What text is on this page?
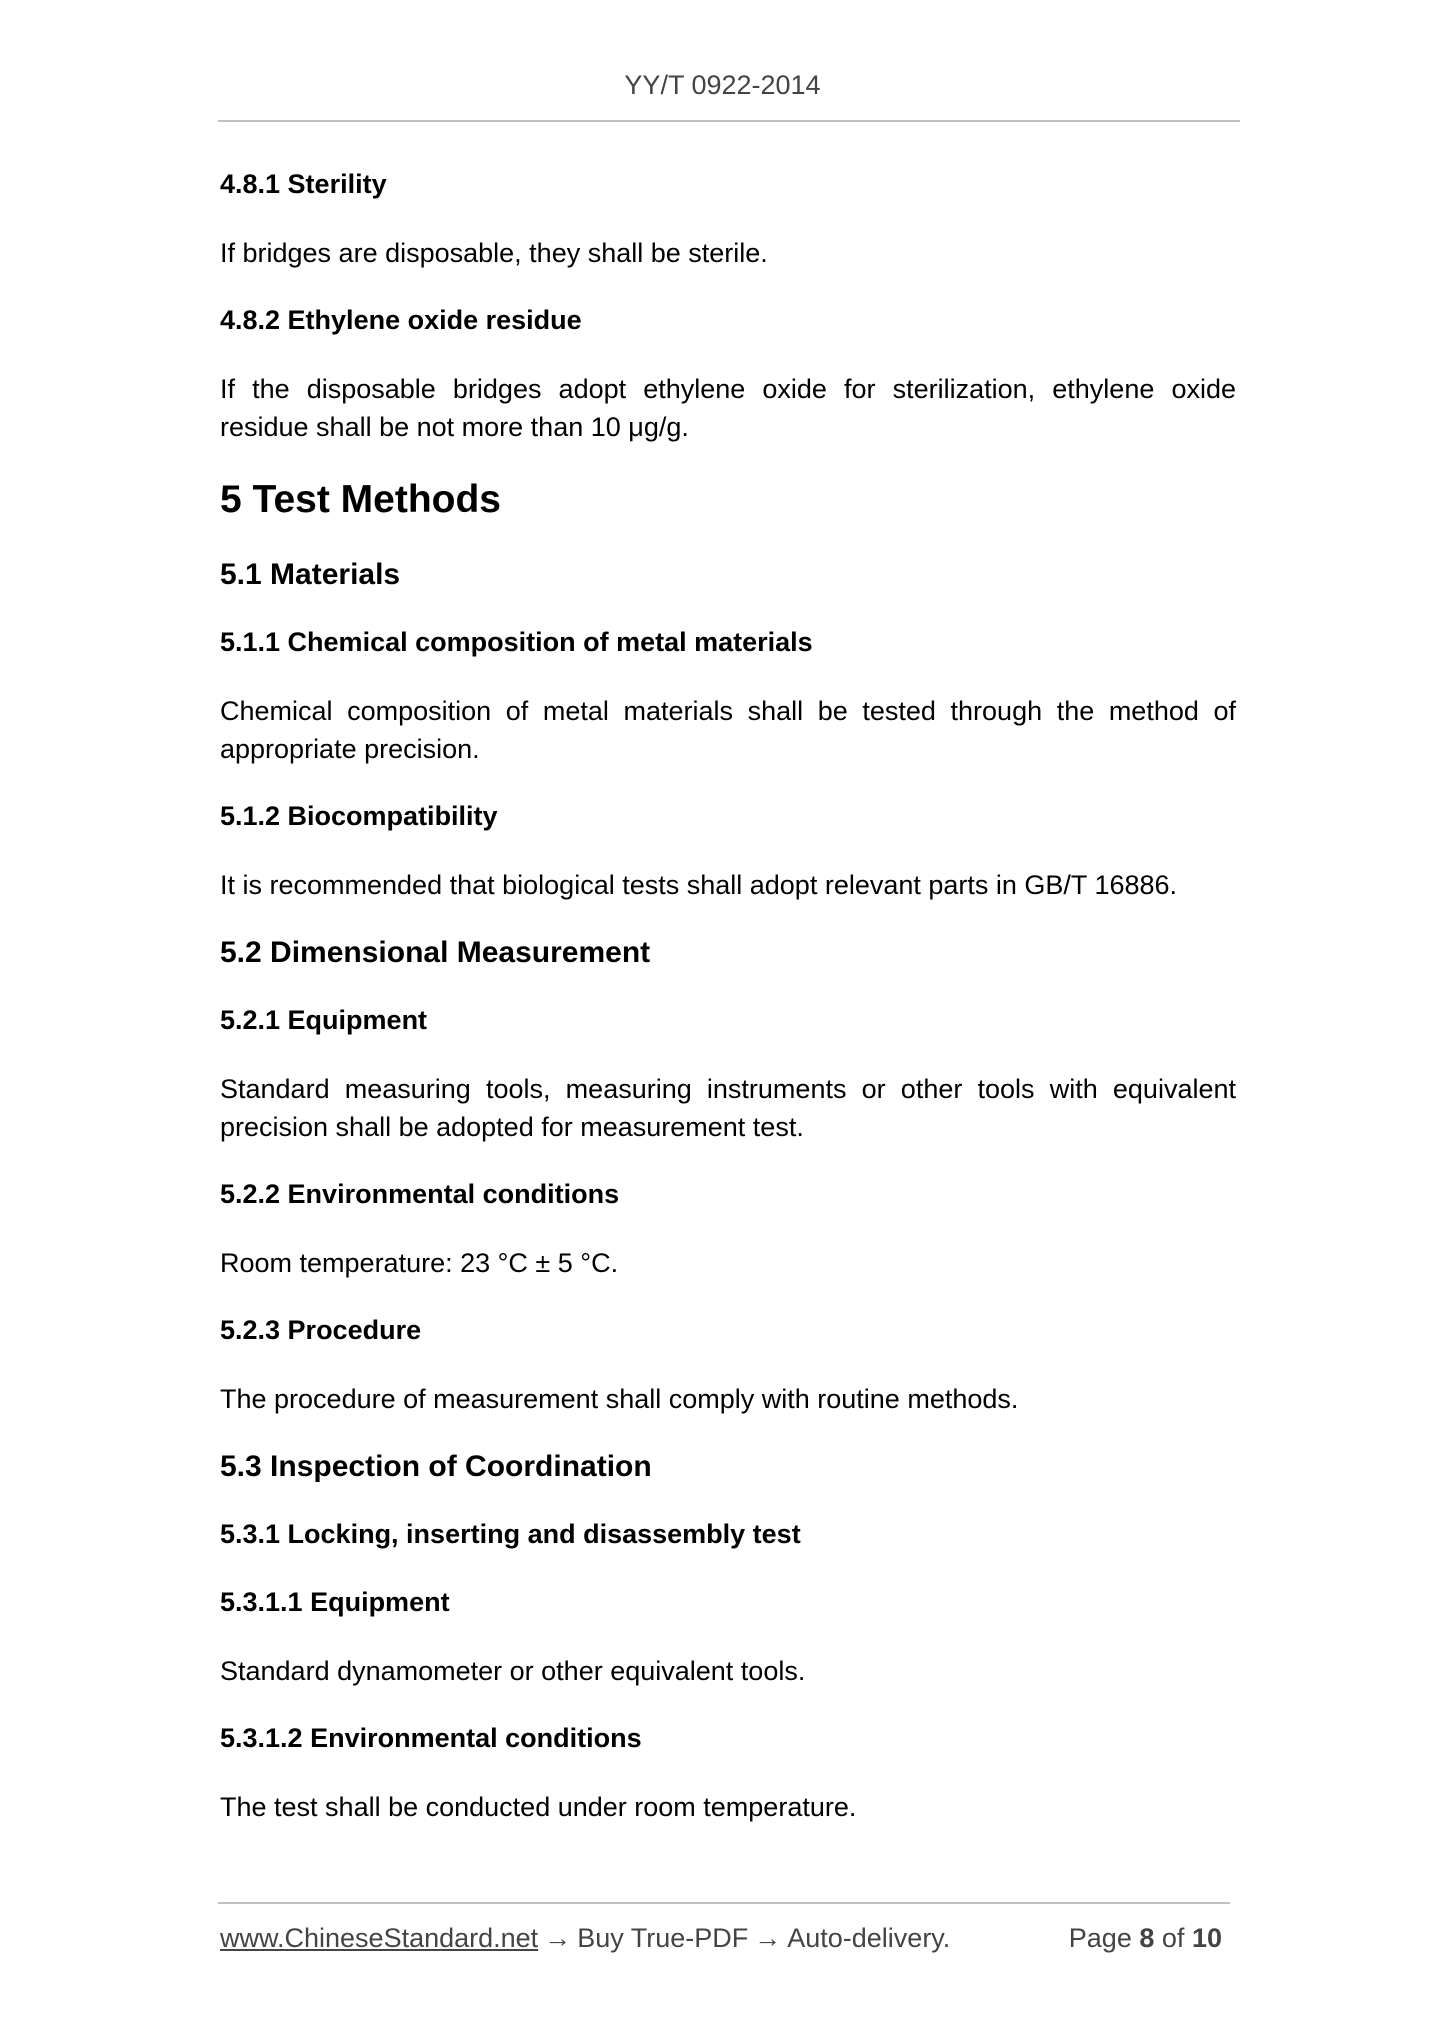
YY/T 0922-2014
4.8.1 Sterility
If bridges are disposable, they shall be sterile.
4.8.2 Ethylene oxide residue
If the disposable bridges adopt ethylene oxide for sterilization, ethylene oxide residue shall be not more than 10 μg/g.
5 Test Methods
5.1 Materials
5.1.1 Chemical composition of metal materials
Chemical composition of metal materials shall be tested through the method of appropriate precision.
5.1.2 Biocompatibility
It is recommended that biological tests shall adopt relevant parts in GB/T 16886.
5.2 Dimensional Measurement
5.2.1 Equipment
Standard measuring tools, measuring instruments or other tools with equivalent precision shall be adopted for measurement test.
5.2.2 Environmental conditions
Room temperature: 23 °C ± 5 °C.
5.2.3 Procedure
The procedure of measurement shall comply with routine methods.
5.3 Inspection of Coordination
5.3.1 Locking, inserting and disassembly test
5.3.1.1 Equipment
Standard dynamometer or other equivalent tools.
5.3.1.2 Environmental conditions
The test shall be conducted under room temperature.
www.ChineseStandard.net → Buy True-PDF → Auto-delivery.	Page 8 of 10
